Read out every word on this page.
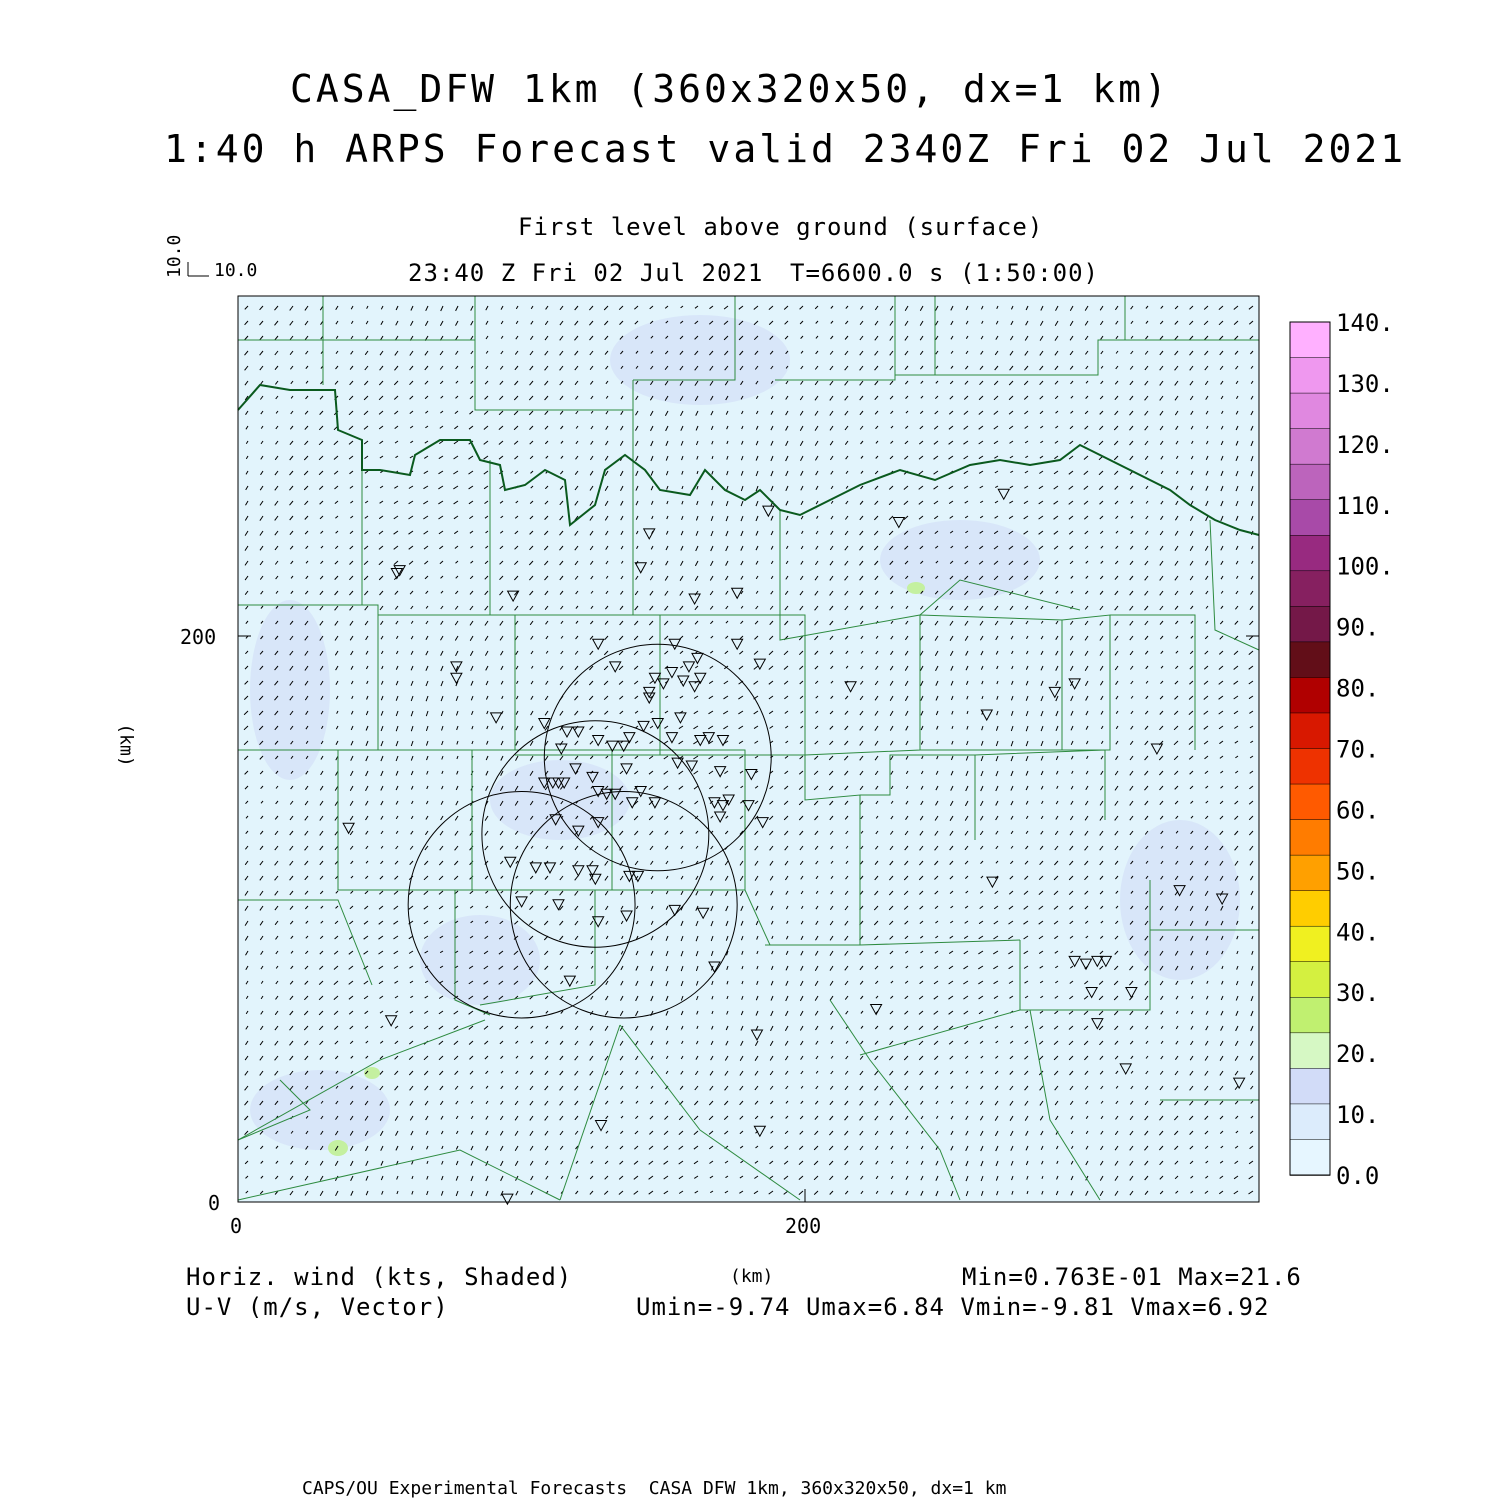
CASA_DFW 1km (360x320x50, dx=1 km)
1:40 h ARPS Forecast valid 2340Z Fri 02 Jul 2021
First level above ground (surface)
23:40 Z Fri 02 Jul 2021 T=6600.0 s (1:50:00)
10.0
10.0
140.
130.
120.
110.
100.
90.
80.
70.
60.
50.
40.
30.
20.
10.
0.0
0	200
0
200
(km)
Horiz. wind (kts, Shaded)
U-V (m/s, Vector)
(km)	Min=0.763E-01 Max=21.6
Umin=-9.74 Umax=6.84 Vmin=-9.81 Vmax=6.92
CAPS/OU Experimental Forecasts  CASA DFW 1km, 360x320x50, dx=1 km
